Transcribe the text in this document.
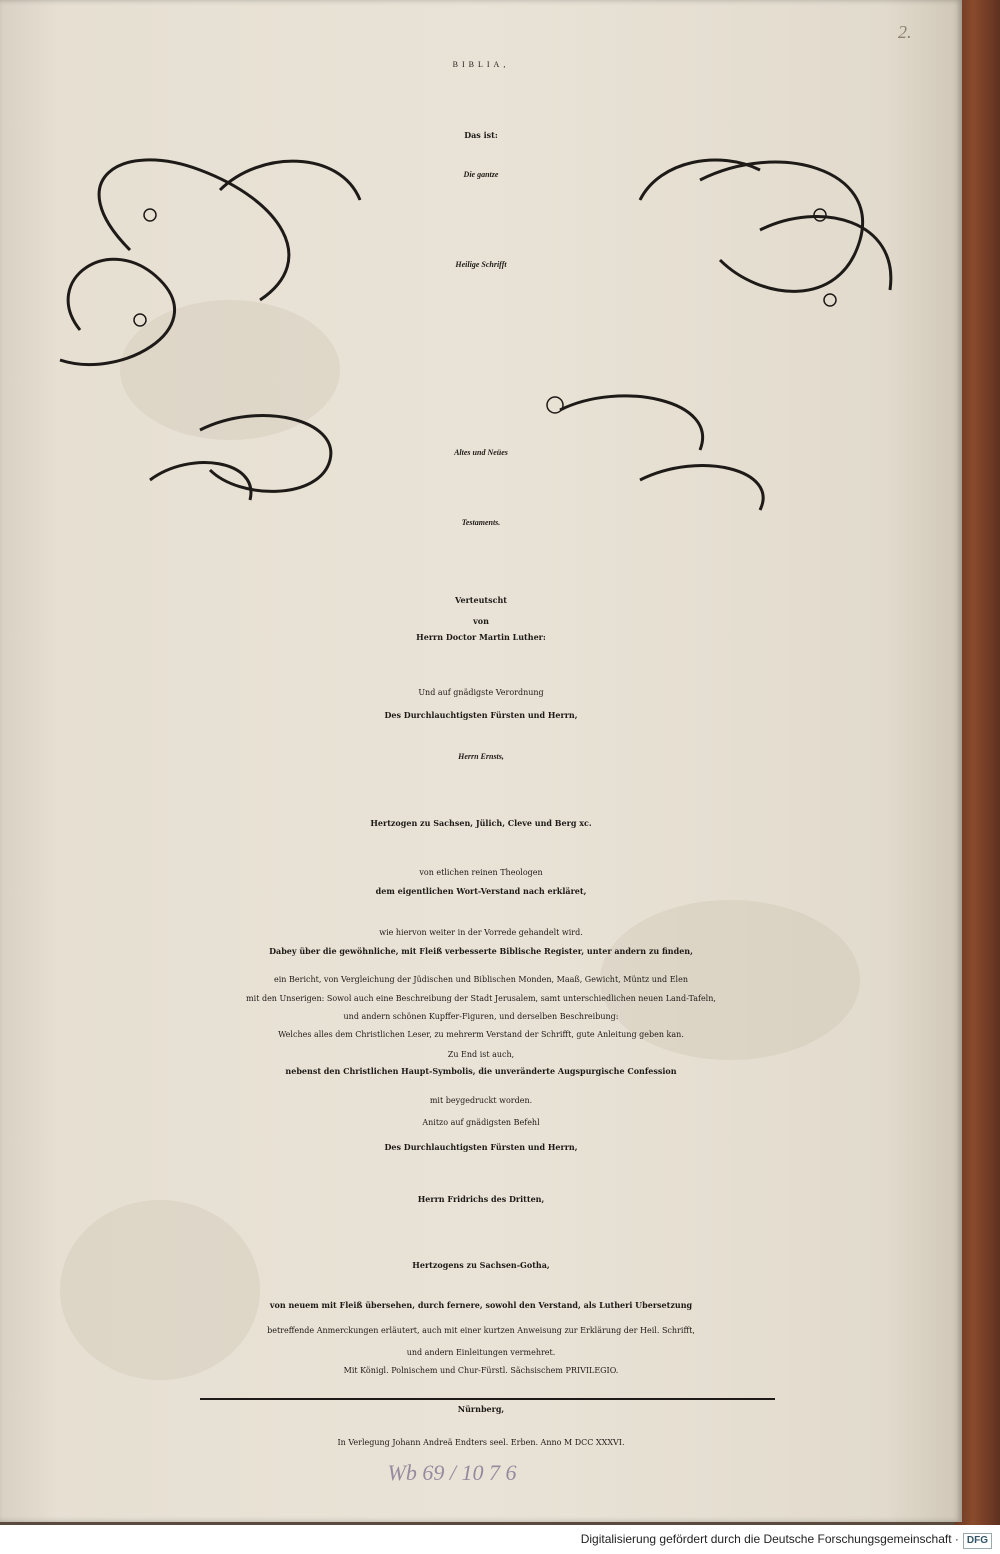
2.
BIBLIA,
Das ist:
Die gantze
Heilige Schrifft
Altes und Neües
Testaments.
Verteutscht
von
Herrn Doctor Martin Luther:
Und auf gnädigste Verordnung
Des Durchlauchtigsten Fürsten und Herrn,
Herrn Ernsts,
Hertzogen zu Sachsen, Jülich, Cleve und Berg xc.
von etlichen reinen Theologen
dem eigentlichen Wort-Verstand nach erkläret,
wie hiervon weiter in der Vorrede gehandelt wird.
Dabey über die gewöhnliche, mit Fleiß verbesserte Biblische Register, unter andern zu finden,
ein Bericht, von Vergleichung der Jüdischen und Biblischen Monden, Maaß, Gewicht, Müntz und Elen
mit den Unserigen: Sowol auch eine Beschreibung der Stadt Jerusalem, samt unterschiedlichen neuen Land-Tafeln,
und andern schönen Kupffer-Figuren, und derselben Beschreibung:
Welches alles dem Christlichen Leser, zu mehrerm Verstand der Schrifft, gute Anleitung geben kan.
Zu End ist auch,
nebenst den Christlichen Haupt-Symbolis, die unveränderte Augspurgische Confession
mit beygedruckt worden.
Anitzo auf gnädigsten Befehl
Des Durchlauchtigsten Fürsten und Herrn,
Herrn Fridrichs des Dritten,
Hertzogens zu Sachsen-Gotha,
von neuem mit Fleiß übersehen, durch fernere, sowohl den Verstand, als Lutheri Ubersetzung
betreffende Anmerckungen erläutert, auch mit einer kurtzen Anweisung zur Erklärung der Heil. Schrifft,
und andern Einleitungen vermehret.
Mit Königl. Polnischem und Chur-Fürstl. Sächsischem PRIVILEGIO.
Nürnberg,
In Verlegung Johann Andreä Endters seel. Erben. Anno M DCC XXXVI.
Wb 69 / 10 7 6
Digitalisierung gefördert durch die Deutsche Forschungsgemeinschaft · DFG
